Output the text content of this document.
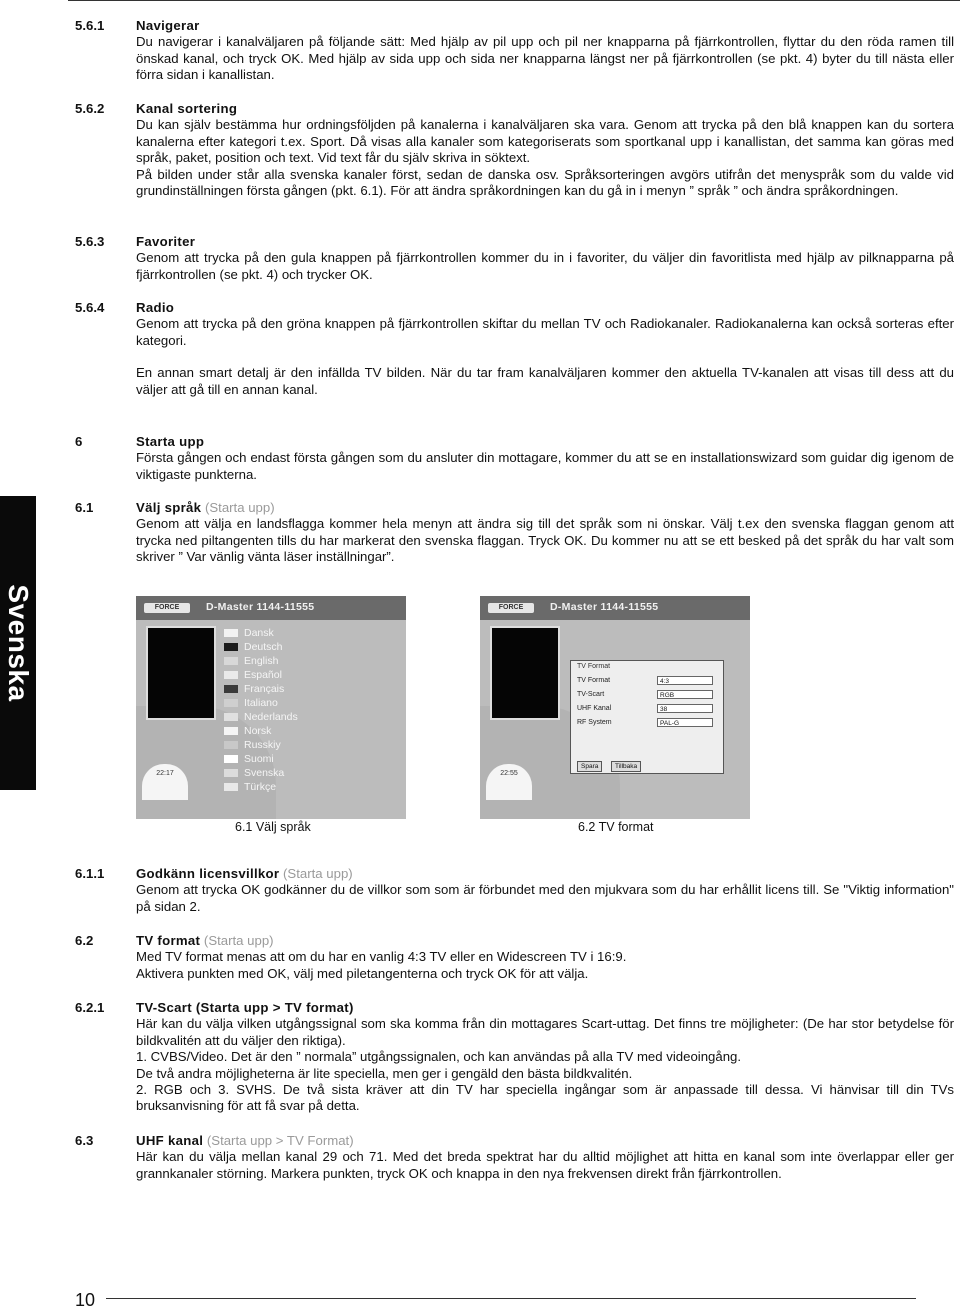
Svenska
5.6.1 Navigerar

Du navigerar i kanalväljaren på följande sätt: Med hjälp av pil upp och pil ner knapparna på fjärrkontrollen, flyttar du den röda ramen till önskad kanal, och tryck OK. Med hjälp av sida upp och sida ner knapparna längst ner på fjärrkontrollen (se pkt. 4) byter du till nästa eller förra sidan i kanallistan.

5.6.2 Kanal sortering

Du kan själv bestämma hur ordningsföljden på kanalerna i kanalväljaren ska vara. Genom att trycka på den blå knappen kan du sortera kanalerna efter kategori t.ex. Sport. Då visas alla kanaler som kategoriserats som sportkanal upp i kanallistan, det samma kan göras med språk, paket, position och text. Vid text får du själv skriva in söktext.

På bilden under står alla svenska kanaler först, sedan de danska osv. Språksorteringen avgörs utifrån det menyspråk som du valde vid grundinställningen första gången (pkt. 6.1). För att ändra språkordningen kan du gå in i menyn ” språk ” och ändra språkordningen.

5.6.3 Favoriter

Genom att trycka på den gula knappen på fjärrkontrollen kommer du in i favoriter, du väljer din favoritlista med hjälp av pilknapparna på fjärrkontrollen (se pkt. 4) och trycker OK.

5.6.4 Radio

Genom att trycka på den gröna knappen på fjärrkontrollen skiftar du mellan TV och Radiokanaler. Radiokanalerna kan också sorteras efter kategori.

En annan smart detalj är den infällda TV bilden. När du tar fram kanalväljaren kommer den aktuella TV-kanalen att visas till dess att du väljer att gå till en annan kanal.

6	Starta upp

Första gången och endast första gången som du ansluter din mottagare, kommer du att se en installationswizard som guidar dig igenom de viktigaste punkterna.

6.1	Välj språk (Starta upp)

Genom att välja en landsflagga kommer hela menyn att ändra sig till det språk som ni önskar. Välj t.ex den svenska flaggan genom att trycka ned piltangenten tills du har markerat den svenska flaggan. Tryck OK. Du kommer nu att se ett besked på det språk du har valt som skriver ” Var vänlig vänta läser inställningar”.

FORCE	D-Master 1144-11555
22:17
Dansk
Deutsch
English
Español
Français
Italiano
Nederlands
Norsk
Russkiy
Suomi
Svenska
Türkçe
FORCE	D-Master 1144-11555
22:55
TV Format
TV Format	4:3
TV-Scart	RGB
UHF Kanal	38
RF System	PAL-G
Spara	Tillbaka
6.1 Välj språk	6.2 TV format
6.1.1 Godkänn licensvillkor (Starta upp)

Genom att trycka OK godkänner du de villkor som som är förbundet med den mjukvara som du har erhållit licens till. Se "Viktig information" på sidan 2.

6.2	TV format (Starta upp)

Med TV format menas att om du har en vanlig 4:3 TV eller en Widescreen TV i 16:9.

Aktivera punkten med OK, välj med piletangenterna och tryck OK för att välja.

6.2.1 TV-Scart (Starta upp > TV format)

Här kan du välja vilken utgångssignal som ska komma från din mottagares Scart-uttag. Det finns tre möjligheter: (De har stor betydelse för bildkvalitén att du väljer den riktiga).

1. CVBS/Video. Det är den ” normala” utgångssignalen, och kan användas på alla TV med videoingång.

De två andra möjligheterna är lite speciella, men ger i gengäld den bästa bildkvalitén.

2. RGB och 3. SVHS. De två sista kräver att din TV har speciella ingångar som är anpassade till dessa. Vi hänvisar till din TVs bruksanvisning för att få svar på detta.

6.3	UHF kanal (Starta upp > TV Format)

Här kan du välja mellan kanal 29 och 71. Med det breda spektrat har du alltid möjlighet att hitta en kanal som inte överlappar eller ger grannkanaler störning. Markera punkten, tryck OK och knappa in den nya frekvensen direkt från fjärrkontrollen.

10
